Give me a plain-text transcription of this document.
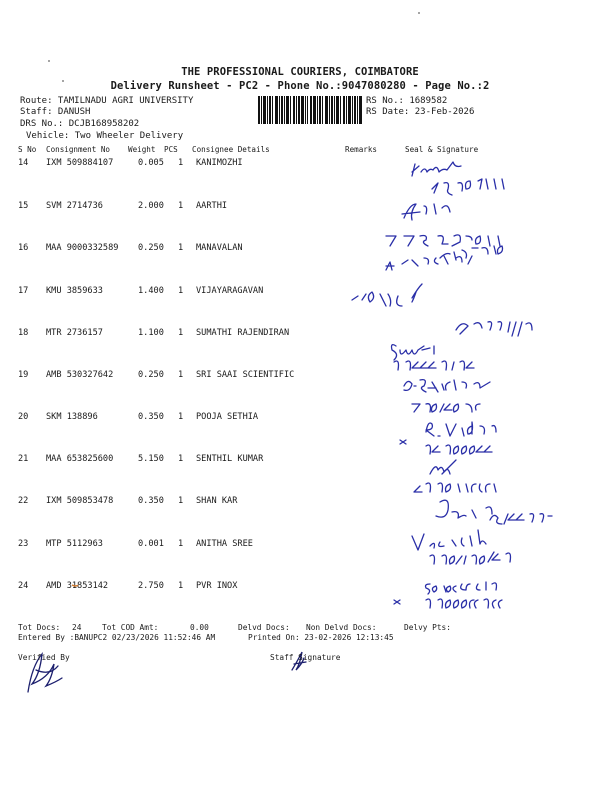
THE PROFESSIONAL COURIERS, COIMBATORE
Delivery Runsheet - PC2 - Phone No.:9047080280 - Page No.:2
Route: TAMILNADU AGRI UNIVERSITY
Staff: DANUSH
DRS No.: DCJB168958202
Vehicle: Two Wheeler Delivery
RS No.: 1689582
RS Date: 23-Feb-2026
S No Consignment No Weight PCS Consignee Details	Remarks	Seal & Signature
14 IXM 509884107	0.005 1 KANIMOZHI
15 SVM 2714736	2.000 1 AARTHI
16 MAA 9000332589 0.250 1 MANAVALAN
17 KMU 3859633	1.400 1 VIJAYARAGAVAN
18 MTR 2736157	1.100 1 SUMATHI RAJENDIRAN
19 AMB 530327642	0.250 1 SRI SAAI SCIENTIFIC
20 SKM 138896	0.350 1 POOJA SETHIA
21 MAA 653825600	5.150 1 SENTHIL KUMAR
22 IXM 509853478	0.350 1 SHAN KAR
23 MTP 5112963	0.001 1 ANITHA SREE
24 AMD 31853142	2.750 1 PVR INOX
Tot Docs: 24	Tot COD Amt:	0.00	Delvd Docs: Non Delvd Docs:	Delvy Pts:
Entered By :BANUPC2 02/23/2026 11:52:46 AM	Printed On: 23-02-2026 12:13:45
Verified By	Staff Signature
